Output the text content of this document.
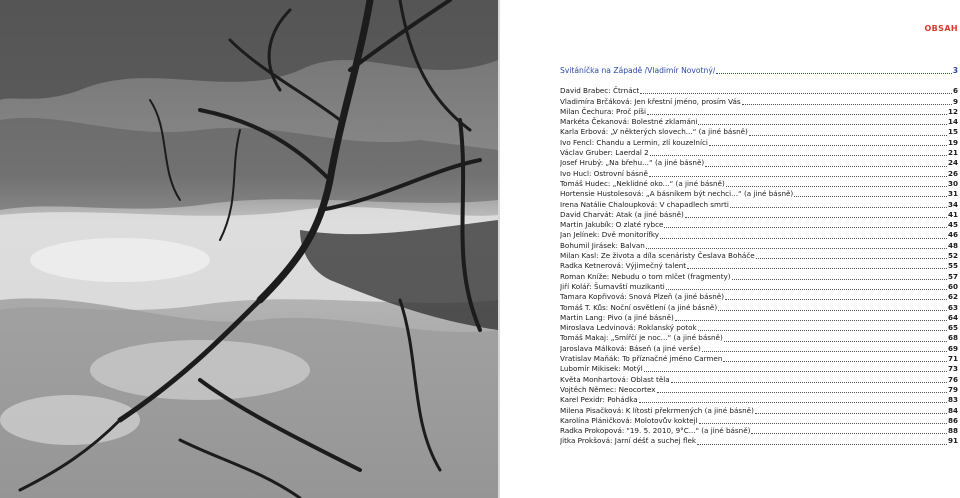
OBSAH
Svitáníčka na Západě /Vladimír Novotný/	3
David Brabec: Čtrnáct	6
Vladimíra Brčáková: Jen křestní jméno, prosím Vás	9
Milan Čechura: Proč píši	12
Markéta Čekanová: Bolestné zklamání	14
Karla Erbová: „V některých slovech...“ (a jiné básně)	15
Ivo Fencl: Chandu a Lermin, zlí kouzelníci	19
Václav Gruber: Laerdal 2	21
Josef Hrubý: „Na břehu...“ (a jiné básně)	24
Ivo Hucl: Ostrovní básně	26
Tomáš Hudec: „Neklidné oko...“ (a jiné básně)	30
Hortensie Hustolesová: „A básníkem být nechci...“ (a jiné básně)	31
Irena Natálie Chaloupková: V chapadlech smrti	34
David Charvát: Atak (a jiné básně)	41
Martin Jakubík: O zlaté rybce	45
Jan Jelínek: Dvě monitorífky	46
Bohumil Jirásek: Balvan	48
Milan Kasl: Ze života a díla scenáristy Česlava Boháče	52
Radka Ketnerová: Výjimečný talent	55
Roman Kníže: Nebudu o tom mlčet (fragmenty)	57
Jiří Kolář: Šumavští muzikanti	60
Tamara Kopřivová: Snová Plzeň (a jiné básně)	62
Tomáš T. Kůs: Noční osvětlení (a jiné básně)	63
Martin Lang: Pivo (a jiné básně)	64
Miroslava Ledvinová: Roklanský potok	65
Tomáš Makaj: „Smířčí je noc...“ (a jiné básně)	68
Jaroslava Málková: Báseň (a jiné verše)	69
Vratislav Maňák: To příznačné jméno Carmen	71
Lubomír Mikisek: Motýl	73
Květa Monhartová: Oblast těla	76
Vojtěch Němec: Neocortex	79
Karel Pexidr: Pohádka	83
Milena Pisačková: K lítosti překrmených (a jiné básně)	84
Karolína Pláničková: Molotovův koktejl	86
Radka Prokopová: "19. 5. 2010, 9°C..." (a jiné básně)	88
Jitka Prokšová: Jarní déšť a suchej flek	91
